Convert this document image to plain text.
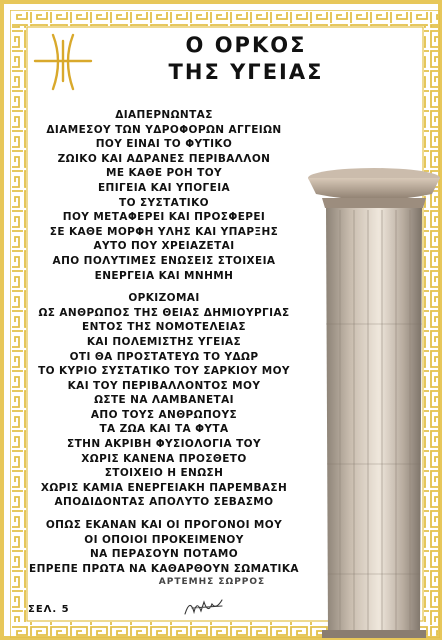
Ο ΟΡΚΟΣ
ΤΗΣ ΥΓΕΙΑΣ
ΔΙΑΠΕΡΝΩΝΤΑΣ
ΔΙΑΜΕΣΟΥ ΤΩΝ ΥΔΡΟΦΟΡΩΝ ΑΓΓΕΙΩΝ
ΠΟΥ ΕΙΝΑΙ ΤΟ ΦΥΤΙΚΟ
ΖΩΙΚΟ ΚΑΙ ΑΔΡΑΝΕΣ ΠΕΡΙΒΑΛΛΟΝ
ΜΕ ΚΑΘΕ ΡΟΗ ΤΟΥ
ΕΠΙΓΕΙΑ ΚΑΙ ΥΠΟΓΕΙΑ
ΤΟ ΣΥΣΤΑΤΙΚΟ
ΠΟΥ ΜΕΤΑΦΕΡΕΙ ΚΑΙ ΠΡΟΣΦΕΡΕΙ
ΣΕ ΚΑΘΕ ΜΟΡΦΗ ΥΛΗΣ ΚΑΙ ΥΠΑΡΞΗΣ
ΑΥΤΟ ΠΟΥ ΧΡΕΙΑΖΕΤΑΙ
ΑΠΟ ΠΟΛΥΤΙΜΕΣ ΕΝΩΣΕΙΣ ΣΤΟΙΧΕΙΑ
ΕΝΕΡΓΕΙΑ ΚΑΙ ΜΝΗΜΗ
ΟΡΚΙΖΟΜΑΙ
ΩΣ ΑΝΘΡΩΠΟΣ ΤΗΣ ΘΕΙΑΣ ΔΗΜΙΟΥΡΓΙΑΣ
ΕΝΤΟΣ ΤΗΣ ΝΟΜΟΤΕΛΕΙΑΣ
ΚΑΙ ΠΟΛΕΜΙΣΤΗΣ ΥΓΕΙΑΣ
ΟΤΙ ΘΑ ΠΡΟΣΤΑΤΕΥΩ ΤΟ ΥΔΩΡ
ΤΟ ΚΥΡΙΟ ΣΥΣΤΑΤΙΚΟ ΤΟΥ ΣΑΡΚΙΟΥ ΜΟΥ
ΚΑΙ ΤΟΥ ΠΕΡΙΒΑΛΛΟΝΤΟΣ ΜΟΥ
ΩΣΤΕ ΝΑ ΛΑΜΒΑΝΕΤΑΙ
ΑΠΟ ΤΟΥΣ ΑΝΘΡΩΠΟΥΣ
ΤΑ ΖΩΑ ΚΑΙ ΤΑ ΦΥΤΑ
ΣΤΗΝ ΑΚΡΙΒΗ ΦΥΣΙΟΛΟΓΙΑ ΤΟΥ
ΧΩΡΙΣ ΚΑΝΕΝΑ ΠΡΟΣΘΕΤΟ
ΣΤΟΙΧΕΙΟ Η ΕΝΩΣΗ
ΧΩΡΙΣ ΚΑΜΙΑ ΕΝΕΡΓΕΙΑΚΗ ΠΑΡΕΜΒΑΣΗ
ΑΠΟΔΙΔΟΝΤΑΣ ΑΠΟΛΥΤΟ ΣΕΒΑΣΜΟ
ΟΠΩΣ ΕΚΑΝΑΝ ΚΑΙ ΟΙ ΠΡΟΓΟΝΟΙ ΜΟΥ
ΟΙ ΟΠΟΙΟΙ ΠΡΟΚΕΙΜΕΝΟΥ
ΝΑ ΠΕΡΑΣΟΥΝ ΠΟΤΑΜΟ
ΕΠΡΕΠΕ ΠΡΩΤΑ ΝΑ ΚΑΘΑΡΘΟΥΝ ΣΩΜΑΤΙΚΑ
ΑΡΤΕΜΗΣ ΣΩΡΡΟΣ
ΣΕΛ. 5
